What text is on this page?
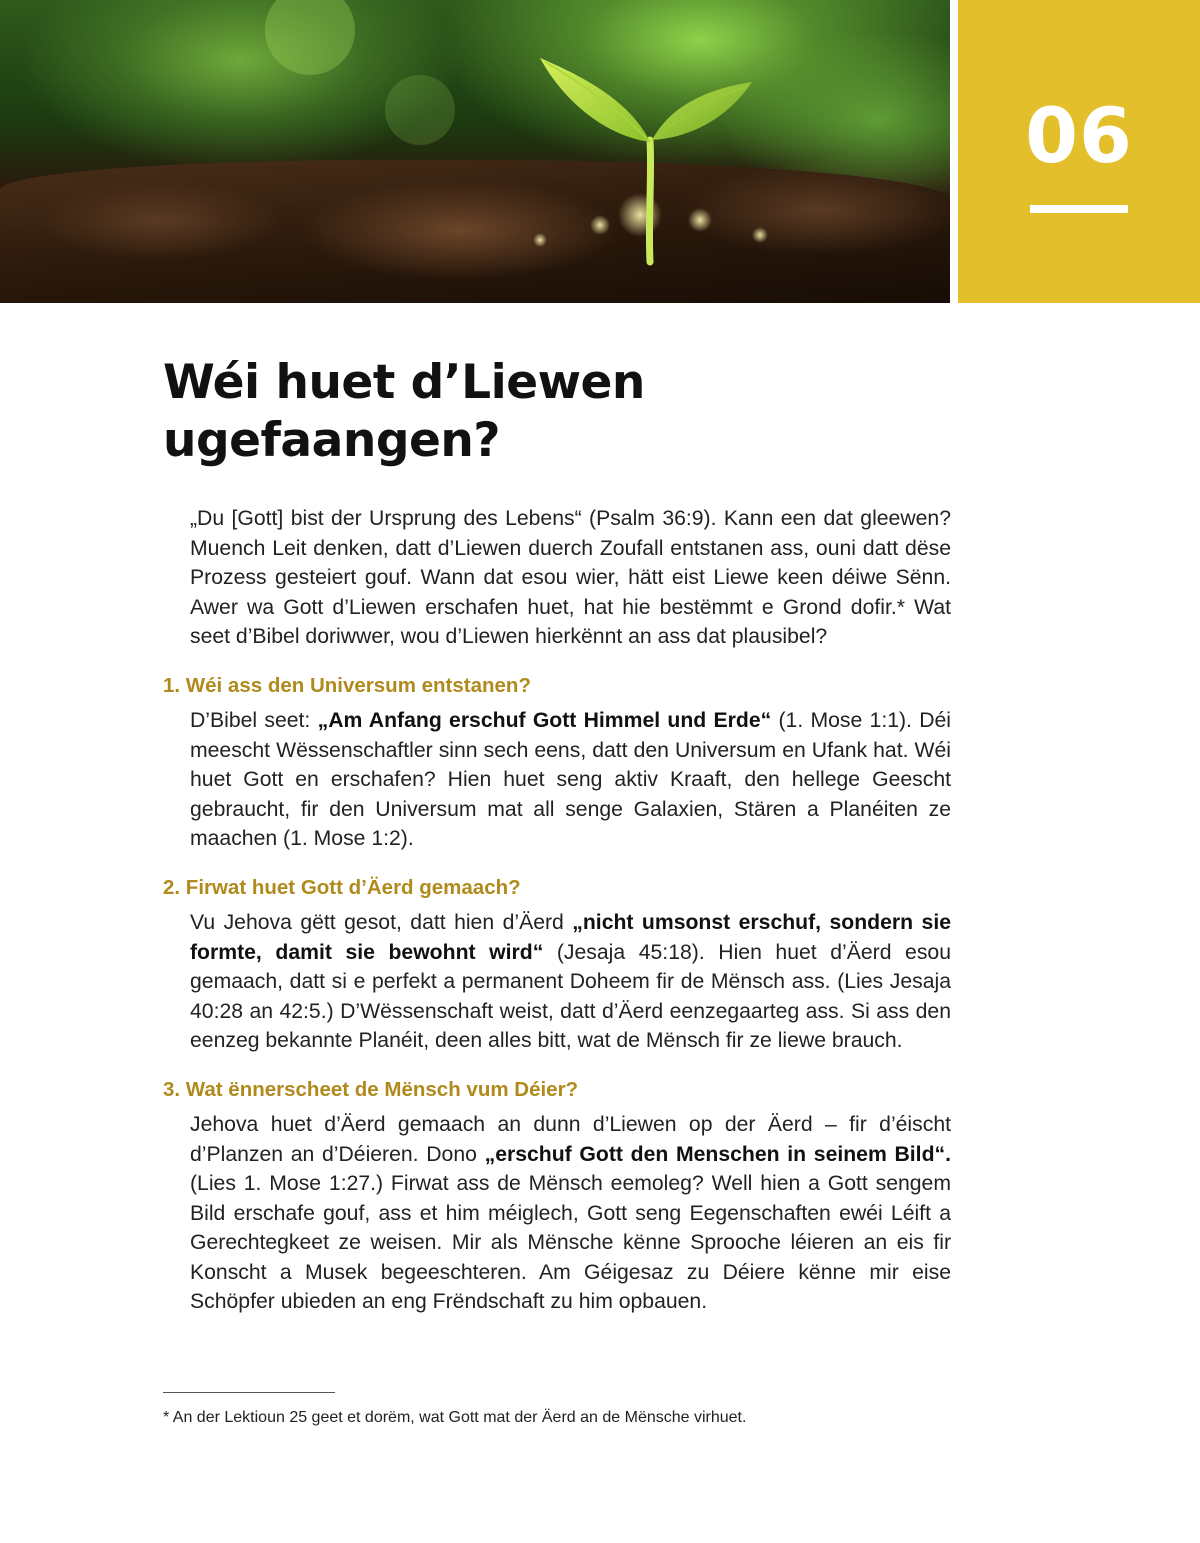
06
Wéi huet d’Liewen
ugefaangen?

„Du [Gott] bist der Ursprung des Lebens“ (Psalm 36:9). Kann een dat gleewen? Muench Leit denken, datt d’Liewen duerch Zoufall entstanen ass, ouni datt dëse Prozess gesteiert gouf. Wann dat esou wier, hätt eist Liewe keen déiwe Sënn. Awer wa Gott d’Liewen erschafen huet, hat hie bestëmmt e Grond dofir.* Wat seet d’Bibel doriwwer, wou d’Liewen hierkënnt an ass dat plausibel?

1. Wéi ass den Universum entstanen?

D’Bibel seet: „Am Anfang erschuf Gott Himmel und Erde“ (1. Mose 1:1). Déi meescht Wëssenschaftler sinn sech eens, datt den Universum en Ufank hat. Wéi huet Gott en erschafen? Hien huet seng aktiv Kraaft, den hellege Geescht gebraucht, fir den Universum mat all senge Galaxien, Stären a Planéiten ze maachen (1. Mose 1:2).

2. Firwat huet Gott d’Äerd gemaach?

Vu Jehova gëtt gesot, datt hien d’Äerd „nicht umsonst erschuf, sondern sie formte, damit sie bewohnt wird“ (Jesaja 45:18). Hien huet d’Äerd esou gemaach, datt si e perfekt a permanent Doheem fir de Mënsch ass. (Lies Jesaja 40:28 an 42:5.) D’Wëssenschaft weist, datt d’Äerd eenzegaarteg ass. Si ass den eenzeg bekannte Planéit, deen alles bitt, wat de Mënsch fir ze liewe brauch.

3. Wat ënnerscheet de Mënsch vum Déier?

Jehova huet d’Äerd gemaach an dunn d’Liewen op der Äerd – fir d’éischt d’Planzen an d’Déieren. Dono „erschuf Gott den Menschen in seinem Bild“. (Lies 1. Mose 1:27.) Firwat ass de Mënsch eemoleg? Well hien a Gott sengem Bild erschafe gouf, ass et him méiglech, Gott seng Eegenschaften ewéi Léift a Gerechtegkeet ze weisen. Mir als Mënsche kënne Sprooche léieren an eis fir Konscht a Musek begeeschteren. Am Géigesaz zu Déiere kënne mir eise Schöpfer ubieden an eng Frëndschaft zu him opbauen.

* An der Lektioun 25 geet et dorëm, wat Gott mat der Äerd an de Mënsche virhuet.
